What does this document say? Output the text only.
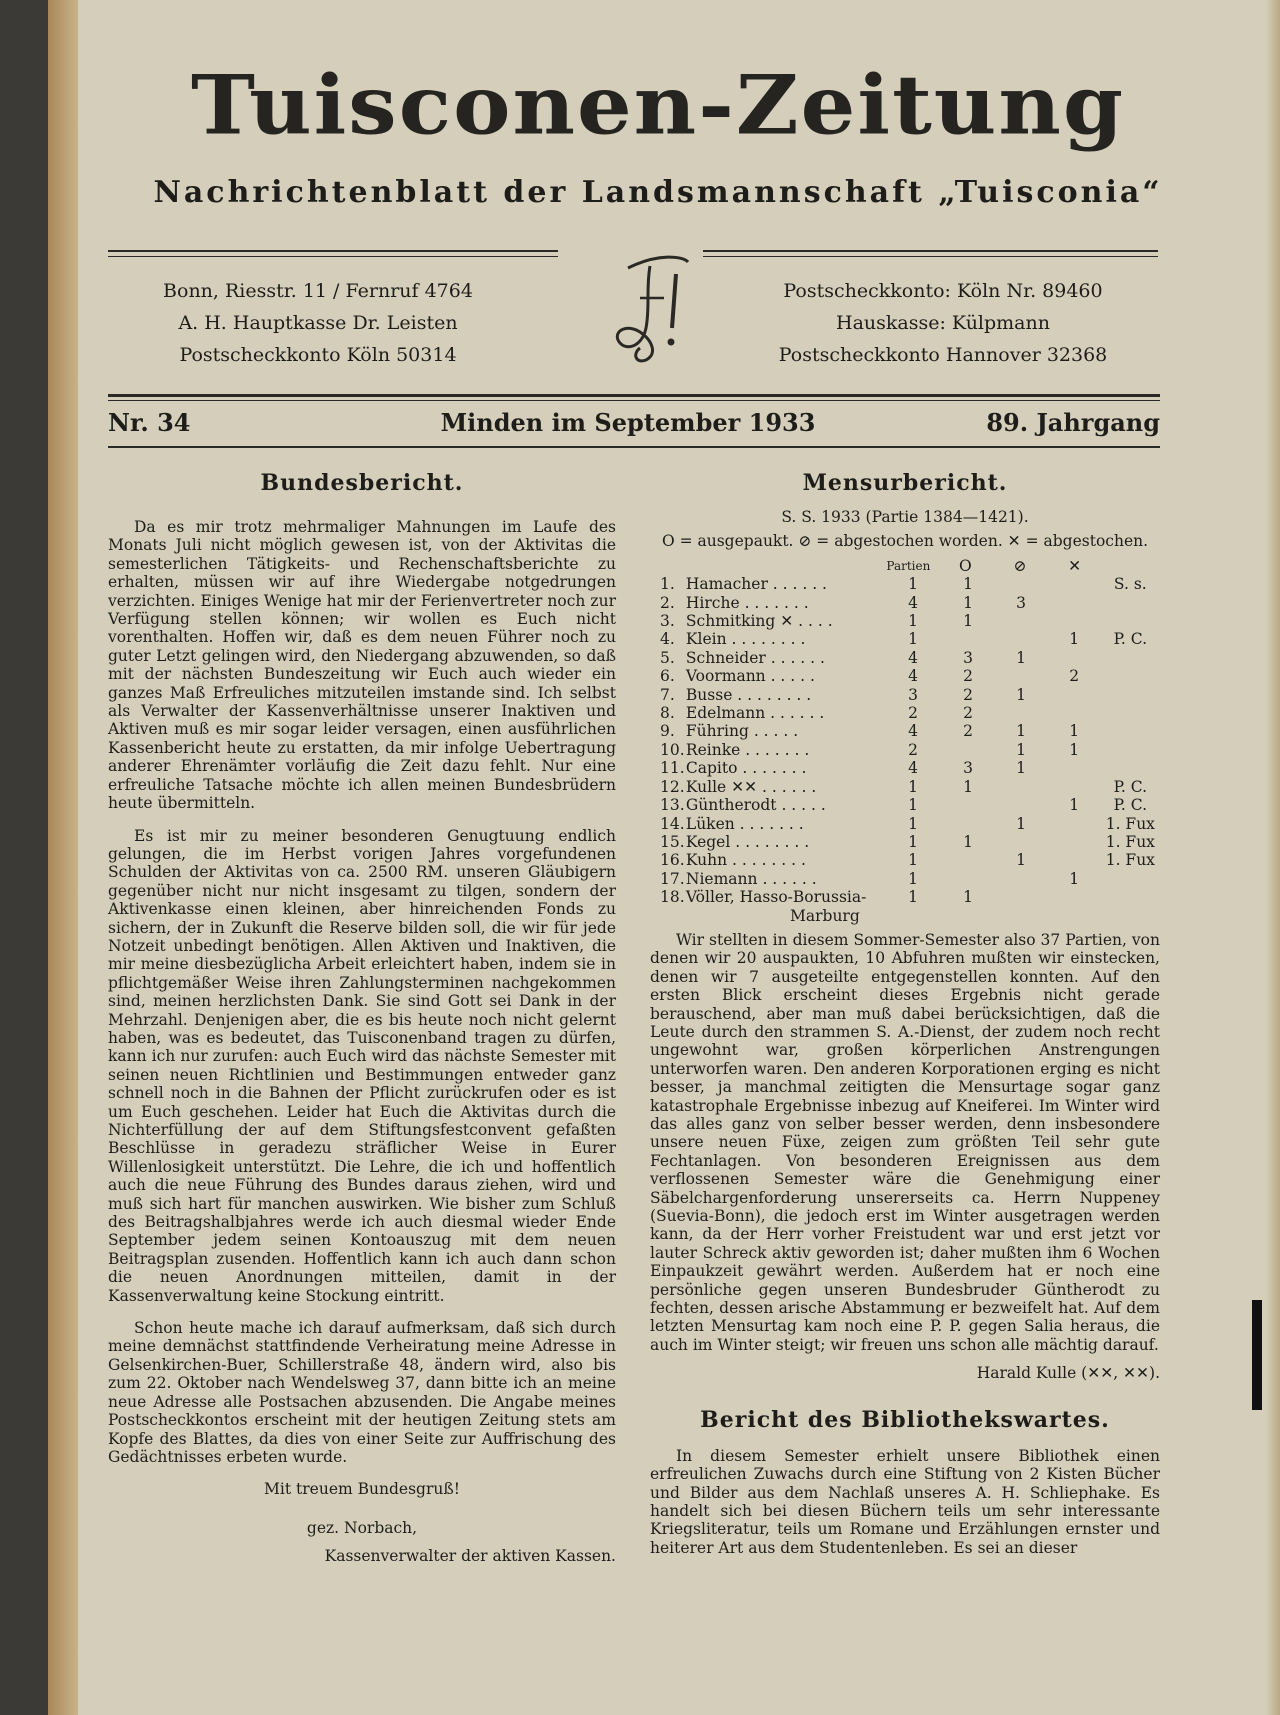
Tuisconen-Zeitung
Nachrichtenblatt der Landsmannschaft „Tuisconia“
Bonn, Riesstr. 11 / Fernruf 4764
A. H. Hauptkasse Dr. Leisten
Postscheckkonto Köln 50314
Postscheckkonto: Köln Nr. 89460
Hauskasse: Külpmann
Postscheckkonto Hannover 32368
Nr. 34	Minden im September 1933	89. Jahrgang
Bundesbericht.

Da es mir trotz mehrmaliger Mahnungen im Laufe des Monats Juli nicht möglich gewesen ist, von der Aktivitas die semesterlichen Tätigkeits- und Rechenschaftsberichte zu erhalten, müssen wir auf ihre Wiedergabe notgedrungen verzichten. Einiges Wenige hat mir der Ferienvertreter noch zur Verfügung stellen können; wir wollen es Euch nicht vorenthalten. Hoffen wir, daß es dem neuen Führer noch zu guter Letzt gelingen wird, den Niedergang abzuwenden, so daß mit der nächsten Bundeszeitung wir Euch auch wieder ein ganzes Maß Erfreuliches mitzuteilen imstande sind. Ich selbst als Verwalter der Kassenverhältnisse unserer Inaktiven und Aktiven muß es mir sogar leider versagen, einen ausführlichen Kassenbericht heute zu erstatten, da mir infolge Uebertragung anderer Ehrenämter vorläufig die Zeit dazu fehlt. Nur eine erfreuliche Tatsache möchte ich allen meinen Bundesbrüdern heute übermitteln.

Es ist mir zu meiner besonderen Genugtuung endlich gelungen, die im Herbst vorigen Jahres vorgefundenen Schulden der Aktivitas von ca. 2500 RM. unseren Gläubigern gegenüber nicht nur nicht insgesamt zu tilgen, sondern der Aktivenkasse einen kleinen, aber hinreichenden Fonds zu sichern, der in Zukunft die Reserve bilden soll, die wir für jede Notzeit unbedingt benötigen. Allen Aktiven und Inaktiven, die mir meine diesbezüglicha Arbeit erleichtert haben, indem sie in pflichtgemäßer Weise ihren Zahlungsterminen nachgekommen sind, meinen herzlichsten Dank. Sie sind Gott sei Dank in der Mehrzahl. Denjenigen aber, die es bis heute noch nicht gelernt haben, was es bedeutet, das Tuisconenband tragen zu dürfen, kann ich nur zurufen: auch Euch wird das nächste Semester mit seinen neuen Richtlinien und Bestimmungen entweder ganz schnell noch in die Bahnen der Pflicht zurückrufen oder es ist um Euch geschehen. Leider hat Euch die Aktivitas durch die Nichterfüllung der auf dem Stiftungsfestconvent gefaßten Beschlüsse in geradezu sträflicher Weise in Eurer Willenlosigkeit unterstützt. Die Lehre, die ich und hoffentlich auch die neue Führung des Bundes daraus ziehen, wird und muß sich hart für manchen auswirken. Wie bisher zum Schluß des Beitragshalbjahres werde ich auch diesmal wieder Ende September jedem seinen Kontoauszug mit dem neuen Beitragsplan zusenden. Hoffentlich kann ich auch dann schon die neuen Anordnungen mitteilen, damit in der Kassenverwaltung keine Stockung eintritt.

Schon heute mache ich darauf aufmerksam, daß sich durch meine demnächst stattfindende Verheiratung meine Adresse in Gelsenkirchen-Buer, Schillerstraße 48, ändern wird, also bis zum 22. Oktober nach Wendelsweg 37, dann bitte ich an meine neue Adresse alle Postsachen abzusenden. Die Angabe meines Postscheckkontos erscheint mit der heutigen Zeitung stets am Kopfe des Blattes, da dies von einer Seite zur Auffrischung des Gedächtnisses erbeten wurde.

Mit treuem Bundesgruß!
gez. Norbach,
Kassenverwalter der aktiven Kassen.
Mensurbericht.
S. S. 1933 (Partie 1384—1421).
O = ausgepaukt. ⊘ = abgestochen worden. ✕ = abgestochen.
		Partien	O	⊘	✕	
1.	Hamacher . . . . . .	1	1			S. s.
2.	Hirche . . . . . . .	4	1	3		
3.	Schmitking ✕ . . . .	1	1			
4.	Klein . . . . . . . .	1			1	P. C.
5.	Schneider . . . . . .	4	3	1		
6.	Voormann . . . . .	4	2		2	
7.	Busse . . . . . . . .	3	2	1		
8.	Edelmann . . . . . .	2	2			
9.	Führing . . . . .	4	2	1	1	
10.	Reinke . . . . . . .	2		1	1	
11.	Capito . . . . . . .	4	3	1		
12.	Kulle ✕✕ . . . . . .	1	1			P. C.
13.	Güntherodt . . . . .	1			1	P. C.
14.	Lüken . . . . . . .	1		1		1. Fux
15.	Kegel . . . . . . . .	1	1			1. Fux
16.	Kuhn . . . . . . . .	1		1		1. Fux
17.	Niemann . . . . . .	1			1	
18.	Völler, Hasso-Borussia-	1	1			
Marburg

Wir stellten in diesem Sommer-Semester also 37 Partien, von denen wir 20 auspaukten, 10 Abfuhren mußten wir einstecken, denen wir 7 ausgeteilte entgegenstellen konnten. Auf den ersten Blick erscheint dieses Ergebnis nicht gerade berauschend, aber man muß dabei berücksichtigen, daß die Leute durch den strammen S. A.-Dienst, der zudem noch recht ungewohnt war, großen körperlichen Anstrengungen unterworfen waren. Den anderen Korporationen erging es nicht besser, ja manchmal zeitigten die Mensurtage sogar ganz katastrophale Ergebnisse inbezug auf Kneiferei. Im Winter wird das alles ganz von selber besser werden, denn insbesondere unsere neuen Füxe, zeigen zum größten Teil sehr gute Fechtanlagen. Von besonderen Ereignissen aus dem verflossenen Semester wäre die Genehmigung einer Säbelchargenforderung unsererseits ca. Herrn Nuppeney (Suevia-Bonn), die jedoch erst im Winter ausgetragen werden kann, da der Herr vorher Freistudent war und erst jetzt vor lauter Schreck aktiv geworden ist; daher mußten ihm 6 Wochen Einpaukzeit gewährt werden. Außerdem hat er noch eine persönliche gegen unseren Bundesbruder Güntherodt zu fechten, dessen arische Abstammung er bezweifelt hat. Auf dem letzten Mensurtag kam noch eine P. P. gegen Salia heraus, die auch im Winter steigt; wir freuen uns schon alle mächtig darauf.

Harald Kulle (✕✕, ✕✕).
Bericht des Bibliothekswartes.

In diesem Semester erhielt unsere Bibliothek einen erfreulichen Zuwachs durch eine Stiftung von 2 Kisten Bücher und Bilder aus dem Nachlaß unseres A. H. Schliephake. Es handelt sich bei diesen Büchern teils um sehr interessante Kriegsliteratur, teils um Romane und Erzählungen ernster und heiterer Art aus dem Studentenleben. Es sei an dieser
